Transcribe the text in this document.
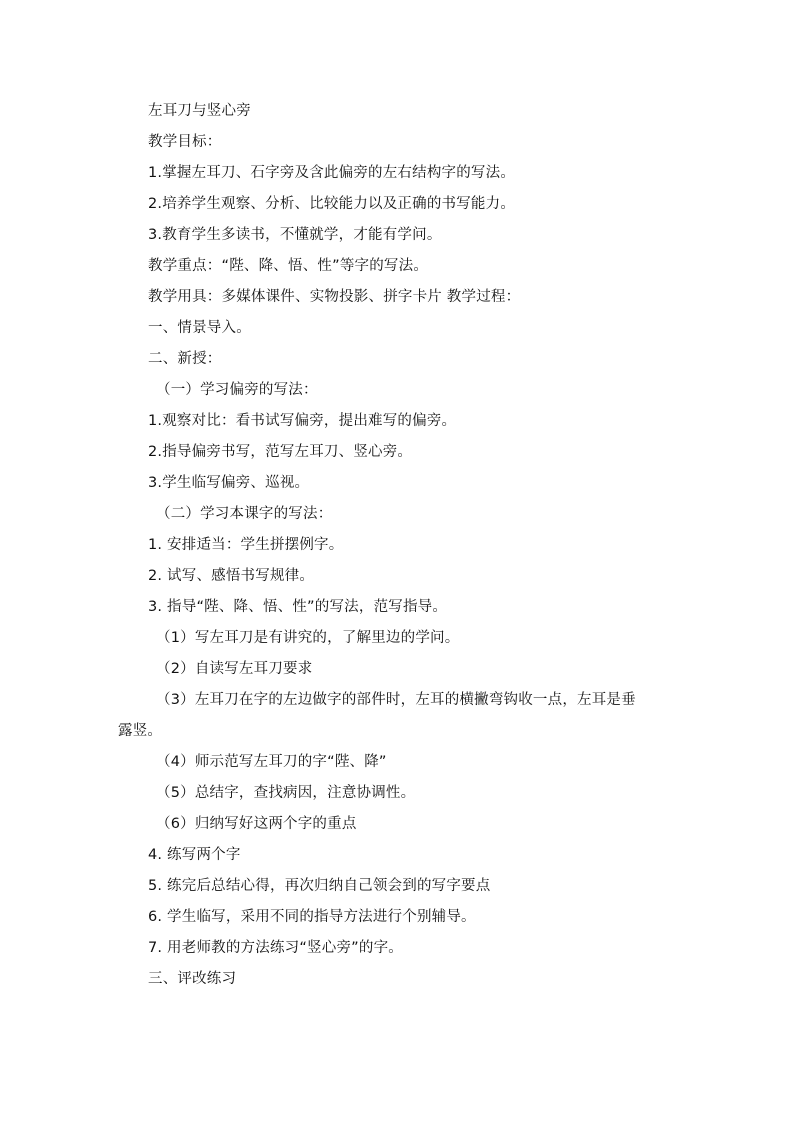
左耳刀与竖心旁
教学目标：
1.掌握左耳刀、石字旁及含此偏旁的左右结构字的写法。
2.培养学生观察、分析、比较能力以及正确的书写能力。
3.教育学生多读书，不懂就学，才能有学问。
教学重点：“陛、降、悟、性”等字的写法。
教学用具：多媒体课件、实物投影、拼字卡片 教学过程：
一、情景导入。
二、新授：
（一）学习偏旁的写法：
1.观察对比：看书试写偏旁，提出难写的偏旁。
2.指导偏旁书写，范写左耳刀、竖心旁。
3.学生临写偏旁、巡视。
（二）学习本课字的写法：
1. 安排适当：学生拼摆例字。
2. 试写、感悟书写规律。
3. 指导“陛、降、悟、性”的写法，范写指导。
（1）写左耳刀是有讲究的，了解里边的学问。
（2）自读写左耳刀要求
（3）左耳刀在字的左边做字的部件时，左耳的横撇弯钩收一点，左耳是垂
露竖。
（4）师示范写左耳刀的字“陛、降”
（5）总结字，查找病因，注意协调性。
（6）归纳写好这两个字的重点
4. 练写两个字
5. 练完后总结心得，再次归纳自己领会到的写字要点
6. 学生临写，采用不同的指导方法进行个别辅导。
7. 用老师教的方法练习“竖心旁”的字。
三、评改练习
